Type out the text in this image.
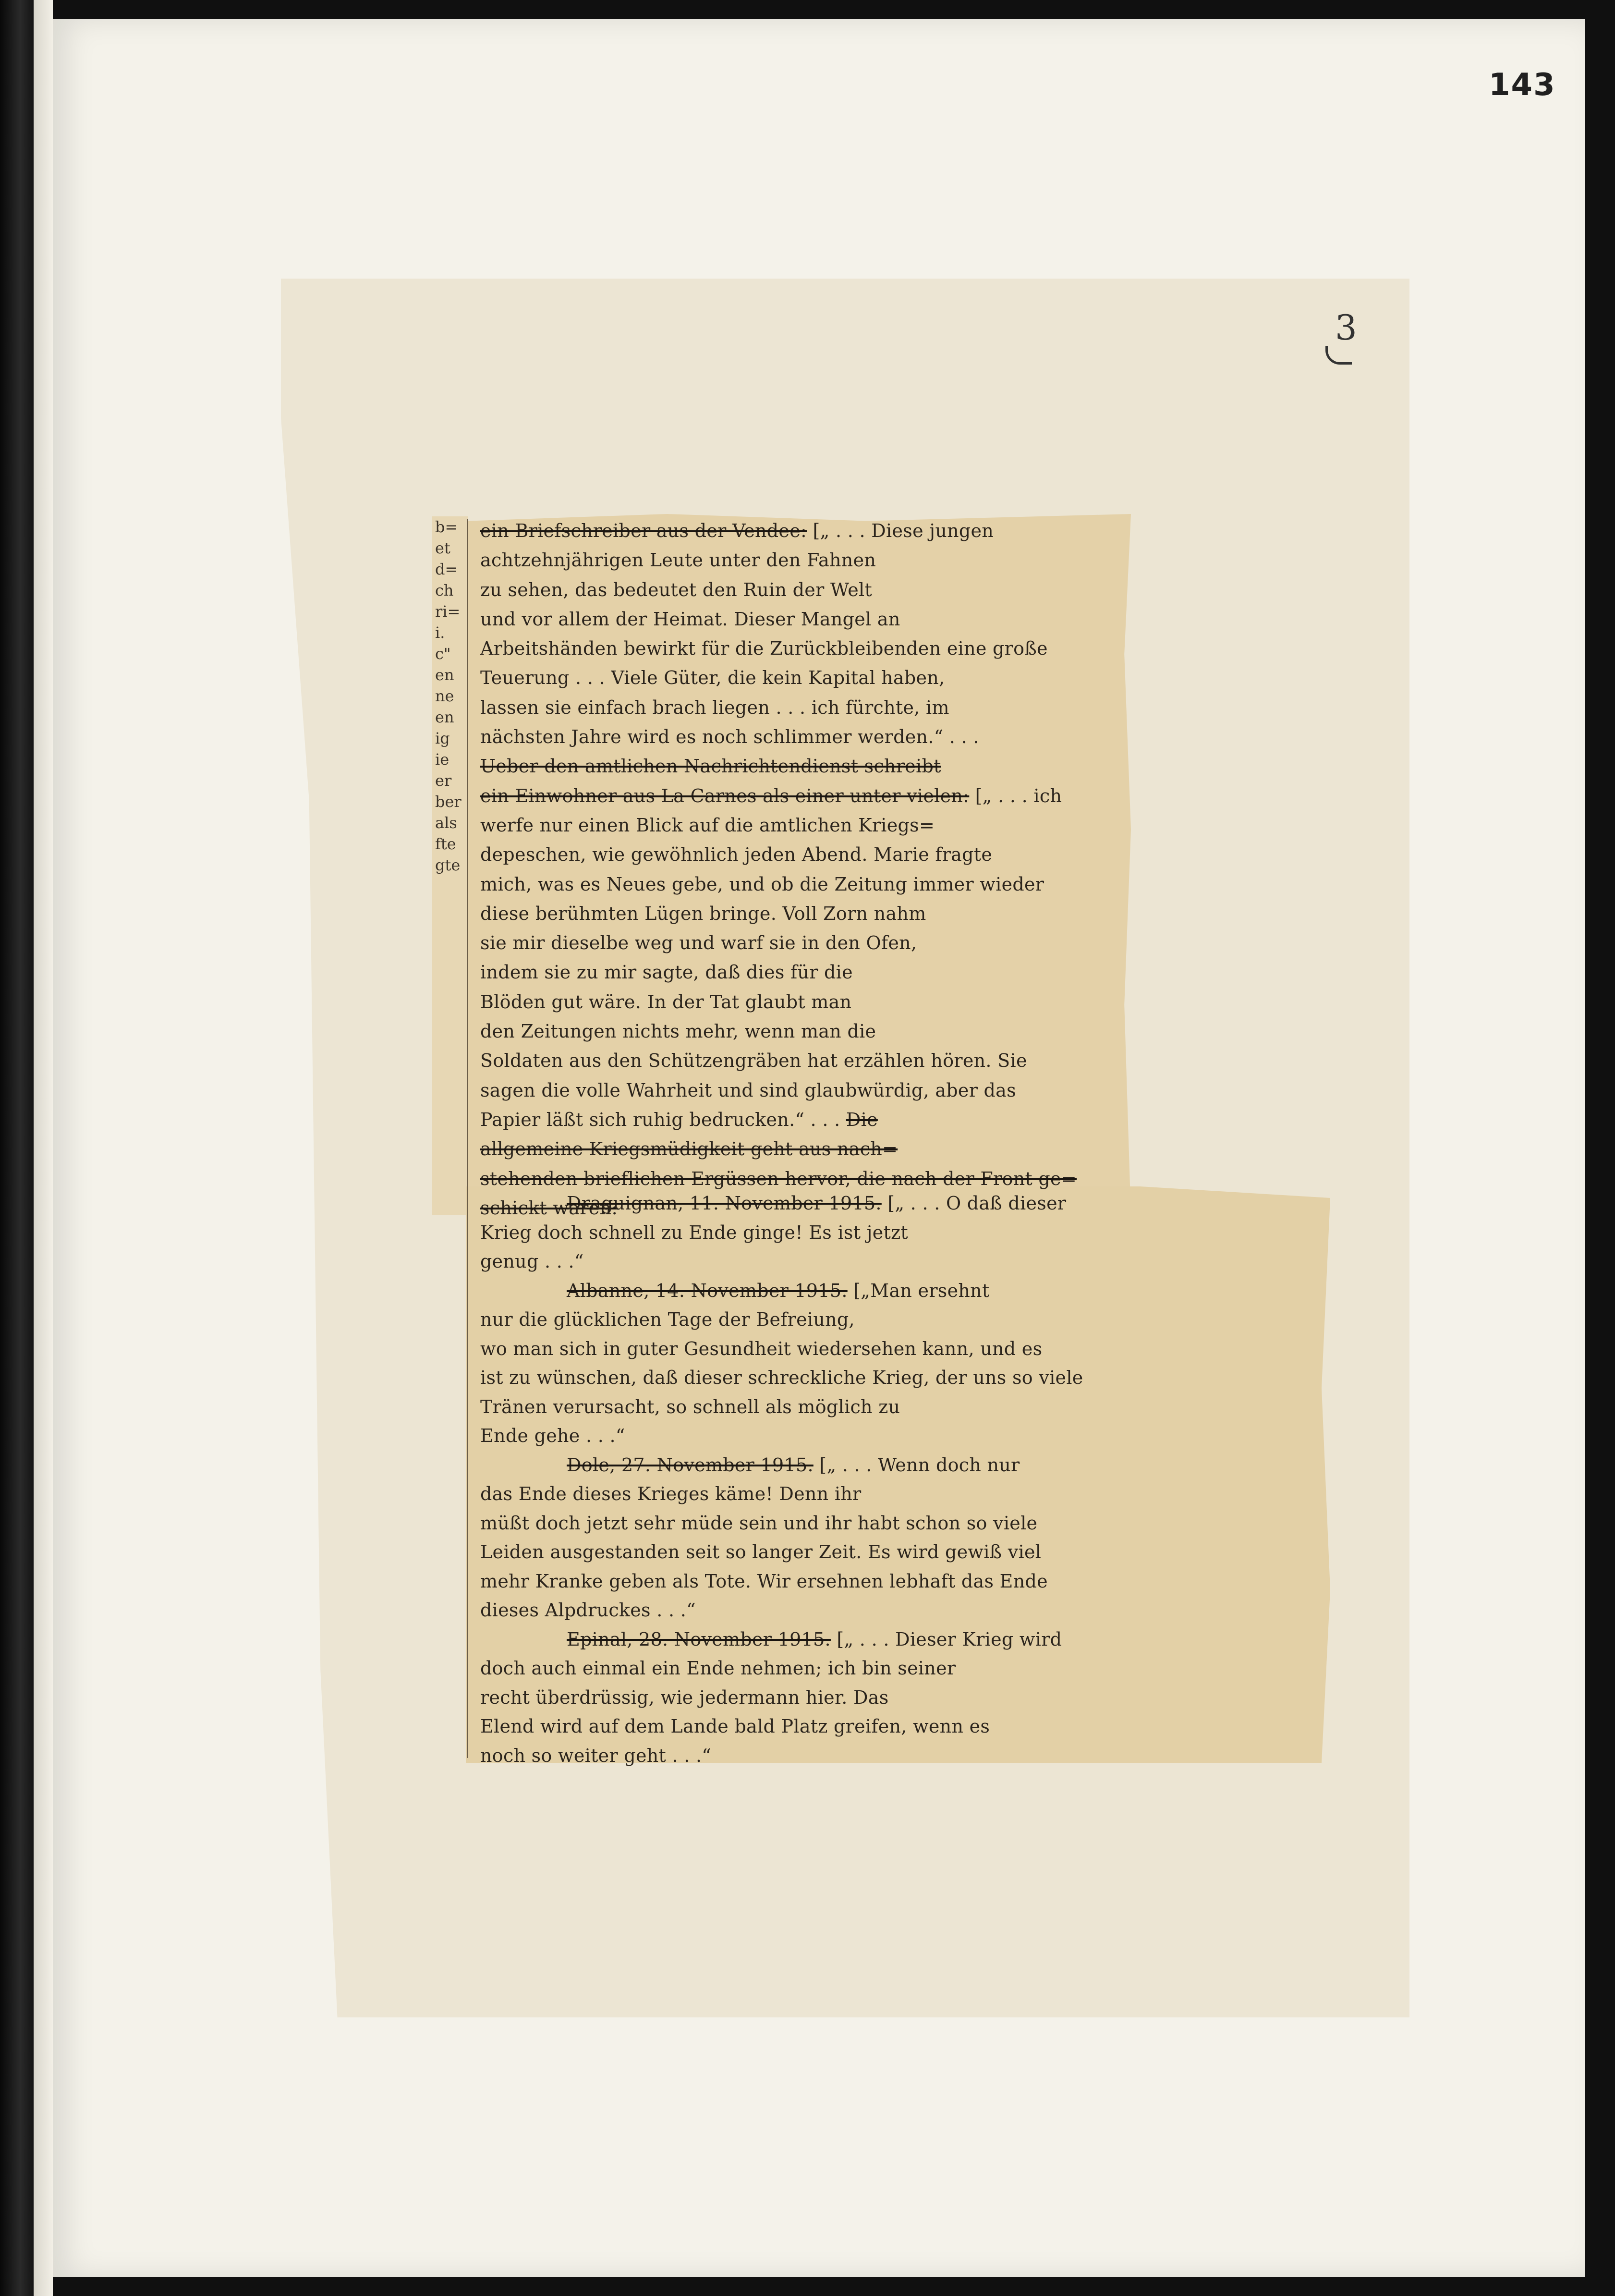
143
3
b=
et
d=
ch
ri=
i.
c"
en
ne
en
ig
ie
er
ber
als
fte
gte
ein Briefschreiber aus der Vendee: [„ . . . Diese jungen
achtzehnjährigen Leute unter den Fahnen
zu sehen, das bedeutet den Ruin der Welt
und vor allem der Heimat. Dieser Mangel an
Arbeitshänden bewirkt für die Zurückbleibenden eine große
Teuerung . . . Viele Güter, die kein Kapital haben,
lassen sie einfach brach liegen . . . ich fürchte, im
nächsten Jahre wird es noch schlimmer werden.“ . . .
Ueber den amtlichen Nachrichtendienst schreibt
ein Einwohner aus La Carnes als einer unter vielen: [„ . . . ich
werfe nur einen Blick auf die amtlichen Kriegs=
depeschen, wie gewöhnlich jeden Abend. Marie fragte
mich, was es Neues gebe, und ob die Zeitung immer wieder
diese berühmten Lügen bringe. Voll Zorn nahm
sie mir dieselbe weg und warf sie in den Ofen,
indem sie zu mir sagte, daß dies für die
Blöden gut wäre. In der Tat glaubt man
den Zeitungen nichts mehr, wenn man die
Soldaten aus den Schützengräben hat erzählen hören. Sie
sagen die volle Wahrheit und sind glaubwürdig, aber das
Papier läßt sich ruhig bedrucken.“ . . . Die
allgemeine Kriegsmüdigkeit geht aus nach=
stehenden brieflichen Ergüssen hervor, die nach der Front ge=
schickt waren:
Draguignan, 11. November 1915. [„ . . . O daß dieser
Krieg doch schnell zu Ende ginge! Es ist jetzt
genug . . .“
Albanne, 14. November 1915. [„Man ersehnt
nur die glücklichen Tage der Befreiung,
wo man sich in guter Gesundheit wiedersehen kann, und es
ist zu wünschen, daß dieser schreckliche Krieg, der uns so viele
Tränen verursacht, so schnell als möglich zu
Ende gehe . . .“
Dole, 27. November 1915. [„ . . . Wenn doch nur
das Ende dieses Krieges käme! Denn ihr
müßt doch jetzt sehr müde sein und ihr habt schon so viele
Leiden ausgestanden seit so langer Zeit. Es wird gewiß viel
mehr Kranke geben als Tote. Wir ersehnen lebhaft das Ende
dieses Alpdruckes . . .“
Epinal, 28. November 1915. [„ . . . Dieser Krieg wird
doch auch einmal ein Ende nehmen; ich bin seiner
recht überdrüssig, wie jedermann hier. Das
Elend wird auf dem Lande bald Platz greifen, wenn es
noch so weiter geht . . .“
